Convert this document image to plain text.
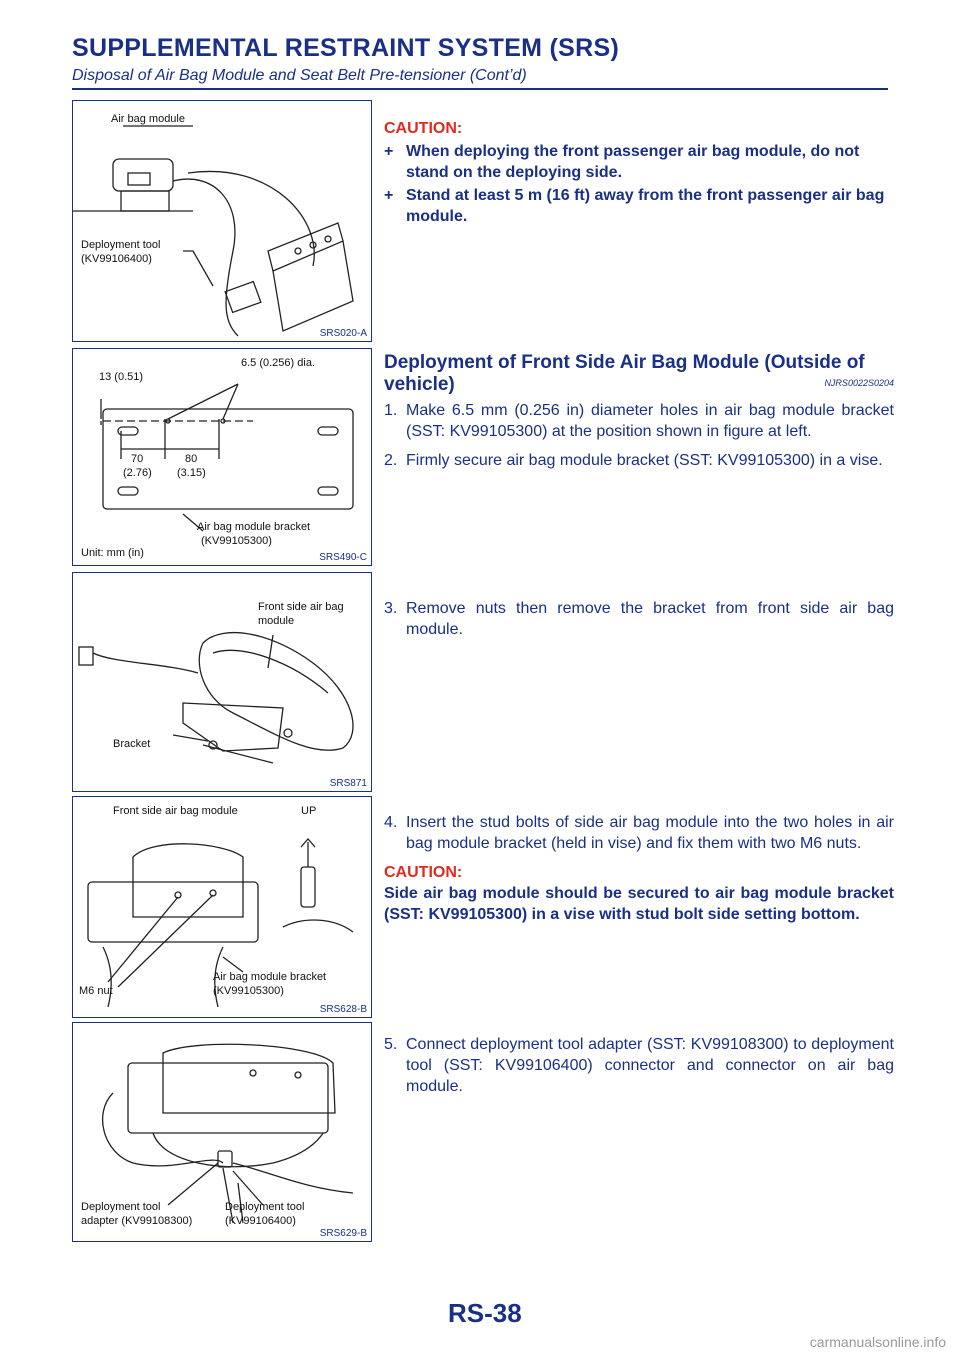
SUPPLEMENTAL RESTRAINT SYSTEM (SRS)
Disposal of Air Bag Module and Seat Belt Pre-tensioner (Cont’d)
Air bag module
Deployment tool
(KV99106400)
SRS020-A
13 (0.51)
6.5 (0.256) dia.
70
(2.76)
80
(3.15)
Air bag module bracket
(KV99105300)
Unit: mm (in)	SRS490-C
Front side air bag
module
Bracket
SRS871
Front side air bag module	UP
M6 nut
Air bag module bracket
(KV99105300)
SRS628-B
Deployment tool
adapter (KV99108300)
Deployment tool
(KV99106400)
SRS629-B
CAUTION:
+ When deploying the front passenger air bag module, do not stand on the deploying side.
+ Stand at least 5 m (16 ft) away from the front passenger air bag module.
Deployment of Front Side Air Bag Module (Outside of vehicle)	NJRS0022S0204
1. Make 6.5 mm (0.256 in) diameter holes in air bag module bracket (SST: KV99105300) at the position shown in figure at left.
2. Firmly secure air bag module bracket (SST: KV99105300) in a vise.
3. Remove nuts then remove the bracket from front side air bag module.
4. Insert the stud bolts of side air bag module into the two holes in air bag module bracket (held in vise) and fix them with two M6 nuts.
CAUTION:
Side air bag module should be secured to air bag module bracket (SST: KV99105300) in a vise with stud bolt side setting bottom.
5. Connect deployment tool adapter (SST: KV99108300) to deployment tool (SST: KV99106400) connector and connector on air bag module.
RS-38
carmanualsonline.info
